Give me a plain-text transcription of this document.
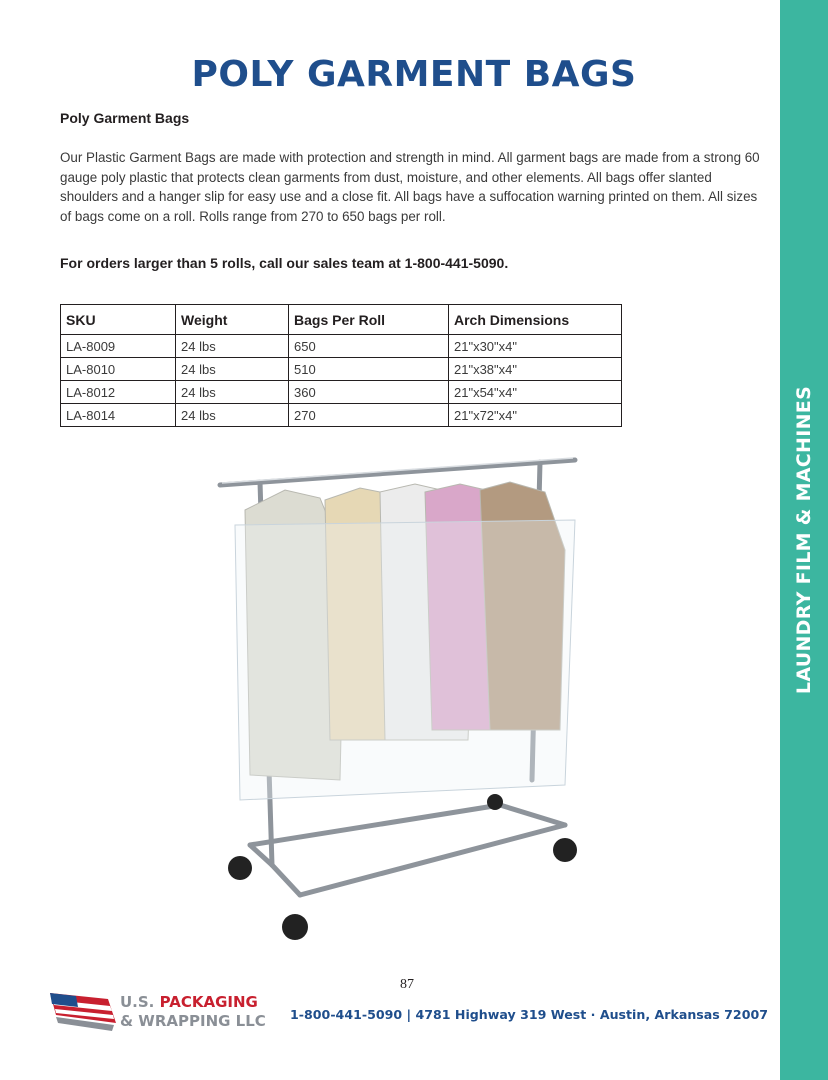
LAUNDRY FILM & MACHINES
POLY GARMENT BAGS
Poly Garment Bags

Our Plastic Garment Bags are made with protection and strength in mind. All garment bags are made from a strong 60 gauge poly plastic that protects clean garments from dust, moisture, and other elements. All bags offer slanted shoulders and a hanger slip for easy use and a close fit. All bags have a suffocation warning printed on them. All sizes of bags come on a roll. Rolls range from 270 to 650 bags per roll.

For orders larger than 5 rolls, call our sales team at 1-800-441-5090.
SKU	Weight	Bags Per Roll	Arch Dimensions
LA-8009	24 lbs	650	21"x30"x4"
LA-8010	24 lbs	510	21"x38"x4"
LA-8012	24 lbs	360	21"x54"x4"
LA-8014	24 lbs	270	21"x72"x4"
87
U.S. PACKAGING
& WRAPPING LLC 1-800-441-5090 | 4781 Highway 319 West · Austin, Arkansas 72007
